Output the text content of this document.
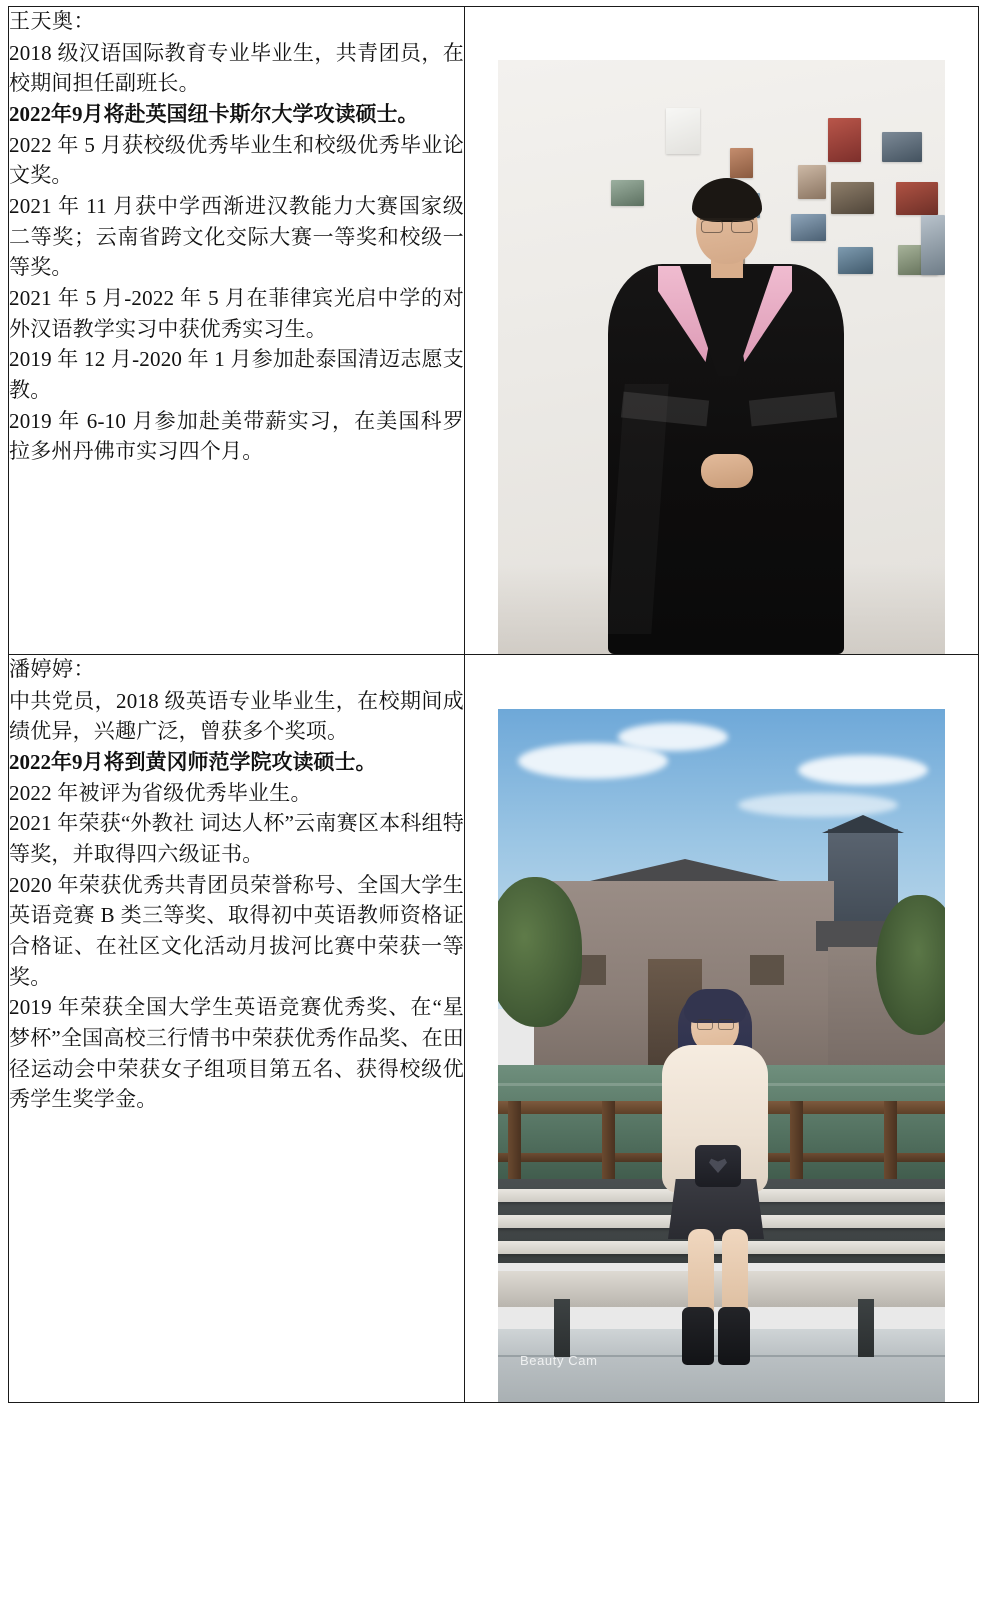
王天奥：

2018 级汉语国际教育专业毕业生，共青团员，在校期间担任副班长。

2022年9月将赴英国纽卡斯尔大学攻读硕士。

2022 年 5 月获校级优秀毕业生和校级优秀毕业论文奖。

2021 年 11 月获中学西渐进汉教能力大赛国家级二等奖；云南省跨文化交际大赛一等奖和校级一等奖。

2021 年 5 月-2022 年 5 月在菲律宾光启中学的对外汉语教学实习中获优秀实习生。

2019 年 12 月-2020 年 1 月参加赴泰国清迈志愿支教。

2019 年 6-10 月参加赴美带薪实习，在美国科罗拉多州丹佛市实习四个月。

潘婷婷：

中共党员，2018 级英语专业毕业生，在校期间成绩优异，兴趣广泛，曾获多个奖项。

2022年9月将到黄冈师范学院攻读硕士。

2022 年被评为省级优秀毕业生。

2021 年荣获“外教社 词达人杯”云南赛区本科组特等奖，并取得四六级证书。

2020 年荣获优秀共青团员荣誉称号、全国大学生英语竞赛 B 类三等奖、取得初中英语教师资格证合格证、在社区文化活动月拔河比赛中荣获一等奖。

2019 年荣获全国大学生英语竞赛优秀奖、在“星梦杯”全国高校三行情书中荣获优秀作品奖、在田径运动会中荣获女子组项目第五名、获得校级优秀学生奖学金。

Beauty Cam
